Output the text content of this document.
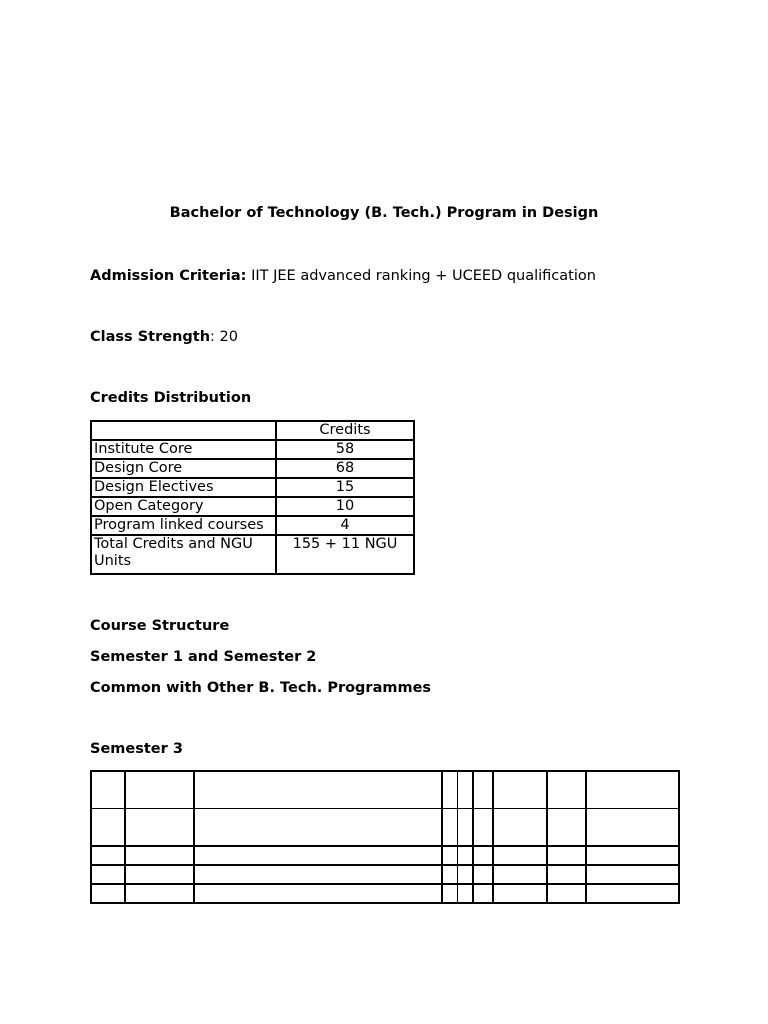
Bachelor of Technology (B. Tech.) Program in Design
Admission Criteria: IIT JEE advanced ranking + UCEED qualification
Class Strength: 20
Credits Distribution
	Credits
Institute Core	58
Design Core	68
Design Electives	15
Open Category	10
Program linked courses	4
Total Credits and NGU Units	155 + 11 NGU
Course Structure
Semester 1 and Semester 2
Common with Other B. Tech. Programmes
Semester 3
